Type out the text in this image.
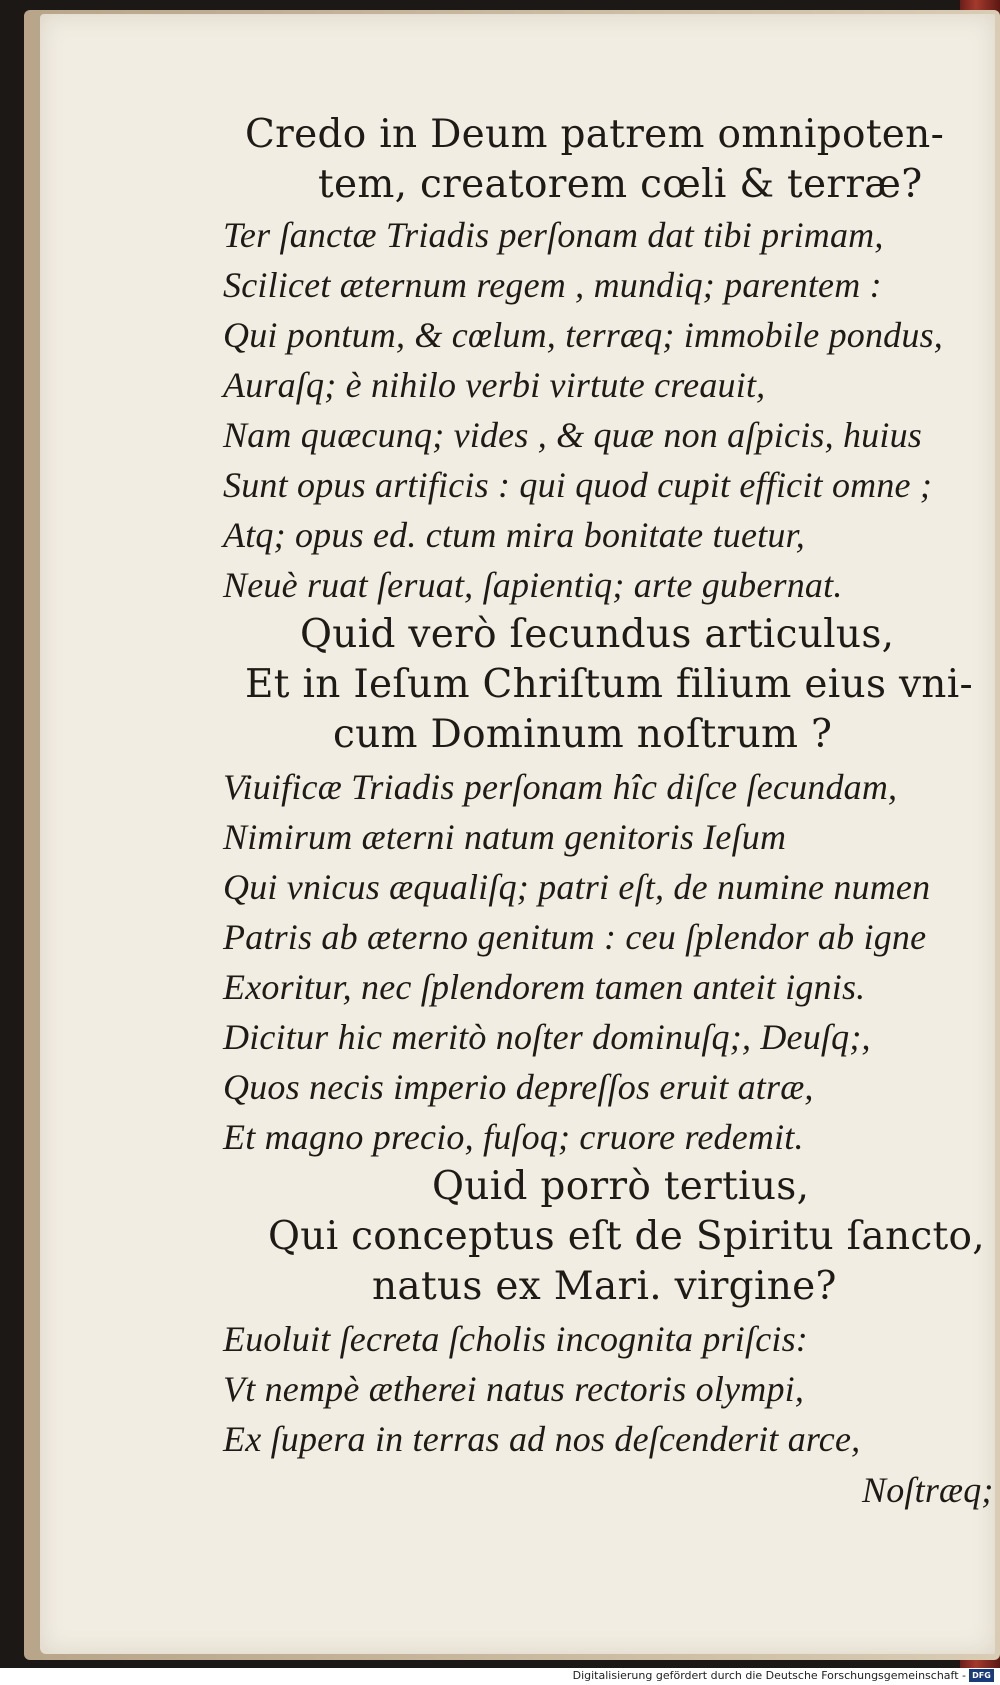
Credo in Deum patrem omnipoten-
tem, creatorem cœli & terræ?
Ter ſanctæ Triadis perſonam dat tibi primam,
Scilicet æternum regem , mundiq; parentem :
Qui pontum, & cœlum, terræq; immobile pondus,
Auraſq; è nihilo verbi virtute creauit,
Nam quæcunq; vides , & quæ non aſpicis, huius
Sunt opus artificis : qui quod cupit efficit omne ;
Atq; opus ed. ctum mira bonitate tuetur,
Neuè ruat ſeruat, ſapientiq; arte gubernat.
Quid verò ſecundus articulus,
Et in Ieſum Chriſtum filium eius vni-
cum Dominum noſtrum ?
Viuificæ Triadis perſonam hîc diſce ſecundam,
Nimirum æterni natum genitoris Ieſum
Qui vnicus æqualiſq; patri eſt, de numine numen
Patris ab æterno genitum : ceu ſplendor ab igne
Exoritur, nec ſplendorem tamen anteit ignis.
Dicitur hic meritò noſter dominuſq;, Deuſq;,
Quos necis imperio depreſſos eruit atræ,
Et magno precio, fuſoq; cruore redemit.
Quid porrò tertius,
Qui conceptus eſt de Spiritu ſancto,
natus ex Mari. virgine?
Euoluit ſecreta ſcholis incognita priſcis:
Vt nempè ætherei natus rectoris olympi,
Ex ſupera in terras ad nos deſcenderit arce,
Noſtræq;
Digitalisierung gefördert durch die Deutsche Forschungsgemeinschaft - DFG
